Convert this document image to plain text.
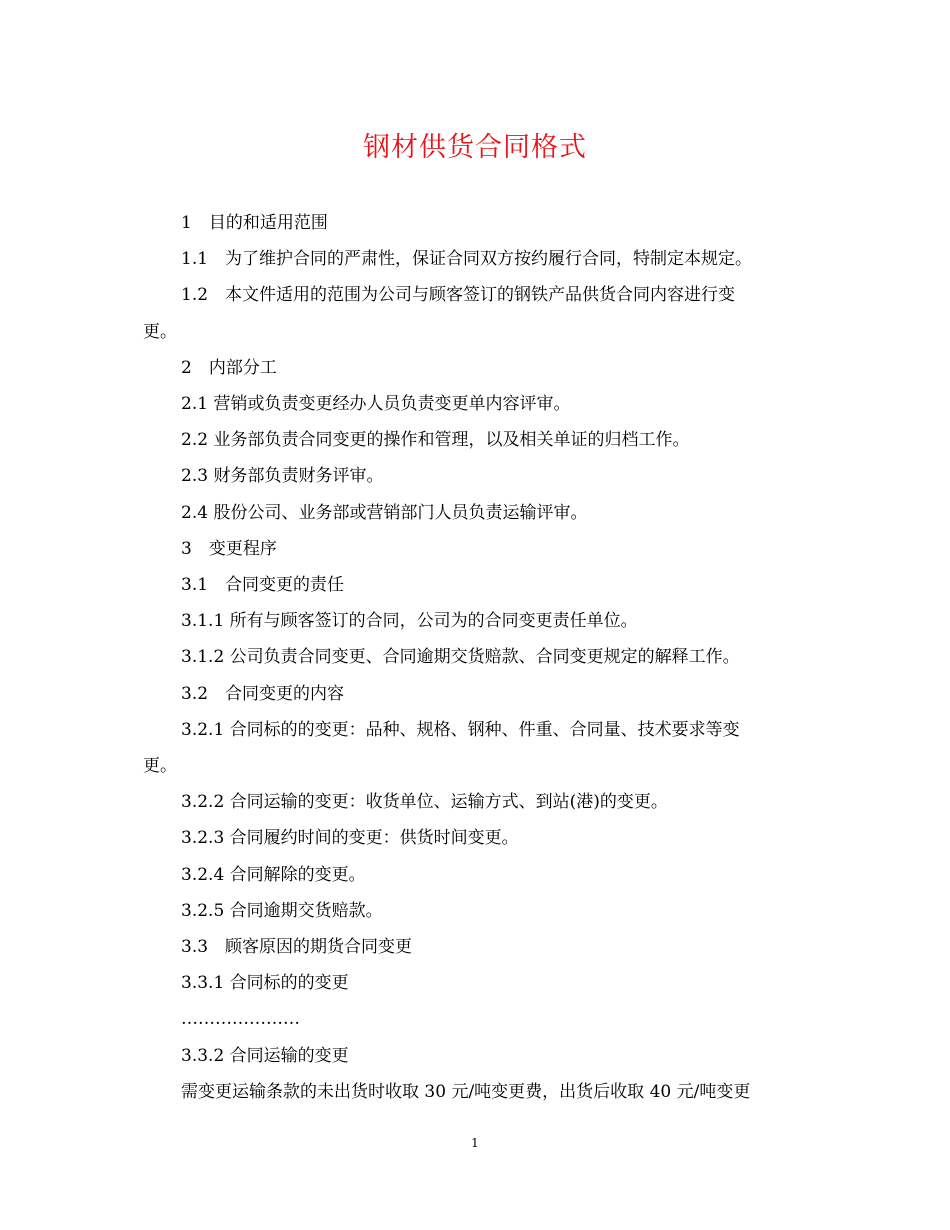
钢材供货合同格式

1　目的和适用范围

1.1　为了维护合同的严肃性，保证合同双方按约履行合同，特制定本规定。

1.2　本文件适用的范围为公司与顾客签订的钢铁产品供货合同内容进行变

更。

2　内部分工

2.1 营销或负责变更经办人员负责变更单内容评审。

2.2 业务部负责合同变更的操作和管理，以及相关单证的归档工作。

2.3 财务部负责财务评审。

2.4 股份公司、业务部或营销部门人员负责运输评审。

3　变更程序

3.1　合同变更的责任

3.1.1 所有与顾客签订的合同，公司为的合同变更责任单位。

3.1.2 公司负责合同变更、合同逾期交货赔款、合同变更规定的解释工作。

3.2　合同变更的内容

3.2.1 合同标的的变更：品种、规格、钢种、件重、合同量、技术要求等变

更。

3.2.2 合同运输的变更：收货单位、运输方式、到站(港)的变更。

3.2.3 合同履约时间的变更：供货时间变更。

3.2.4 合同解除的变更。

3.2.5 合同逾期交货赔款。

3.3　顾客原因的期货合同变更

3.3.1 合同标的的变更

…………………

3.3.2 合同运输的变更

需变更运输条款的未出货时收取 30 元/吨变更费，出货后收取 40 元/吨变更

1
